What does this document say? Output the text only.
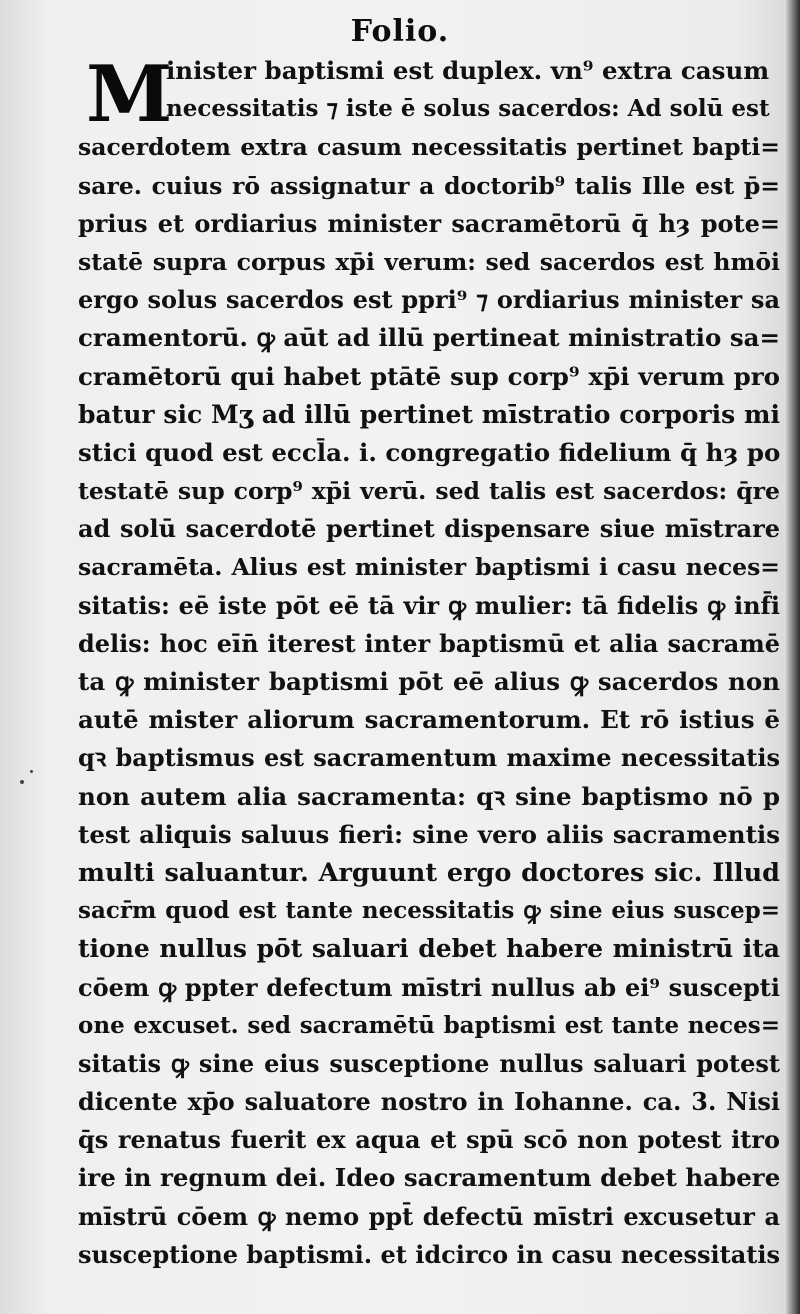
Folio.
M
inister baptismi est duplex. vn⁹ extra casum
necessitatis ⁊ iste ē solus sacerdos: Ad solū est
sacerdotem extra casum necessitatis pertinet bapti=
sare. cuius rō assignatur a doctorib⁹ talis Ille est p̄=
prius et ordiarius minister sacramētorū q̄ hȝ pote=
statē supra corpus xp̄i verum: sed sacerdos est hmōi
ergo solus sacerdos est ppri⁹ ⁊ ordiarius minister sa
cramentorū. ꝙ aūt ad illū pertineat ministratio sa=
cramētorū qui habet ptātē sup corp⁹ xp̄i verum pro
batur sic Mʒ ad illū pertinet mīstratio corporis mi
stici quod est eccl̄a. i. congregatio fidelium q̄ hȝ po
testatē sup corp⁹ xp̄i verū. sed talis est sacerdos: q̄re
ad solū sacerdotē pertinet dispensare siue mīstrare
sacramēta. Alius est minister baptismi i casu neces=
sitatis: eē iste pōt eē tā vir ꝙ mulier: tā fidelis ꝙ inf̄i
delis: hoc eīn̄ iterest inter baptismū et alia sacramē
ta ꝙ minister baptismi pōt eē alius ꝙ sacerdos non
autē mister aliorum sacramentorum. Et rō istius ē
qꝛ baptismus est sacramentum maxime necessitatis
non autem alia sacramenta: qꝛ sine baptismo nō p
test aliquis saluus fieri: sine vero aliis sacramentis
multi saluantur. Arguunt ergo doctores sic. Illud
sacr̄m quod est tante necessitatis ꝙ sine eius suscep=
tione nullus pōt saluari debet habere ministrū ita
cōem ꝙ ppter defectum mīstri nullus ab ei⁹ suscepti
one excuset. sed sacramētū baptismi est tante neces=
sitatis ꝙ sine eius susceptione nullus saluari potest
dicente xp̄o saluatore nostro in Iohanne. ca. 3. Nisi
q̄s renatus fuerit ex aqua et spū scō non potest itro
ire in regnum dei. Ideo sacramentum debet habere
mīstrū cōem ꝙ nemo ppt̄ defectū mīstri excusetur a
susceptione baptismi. et idcirco in casu necessitatis
